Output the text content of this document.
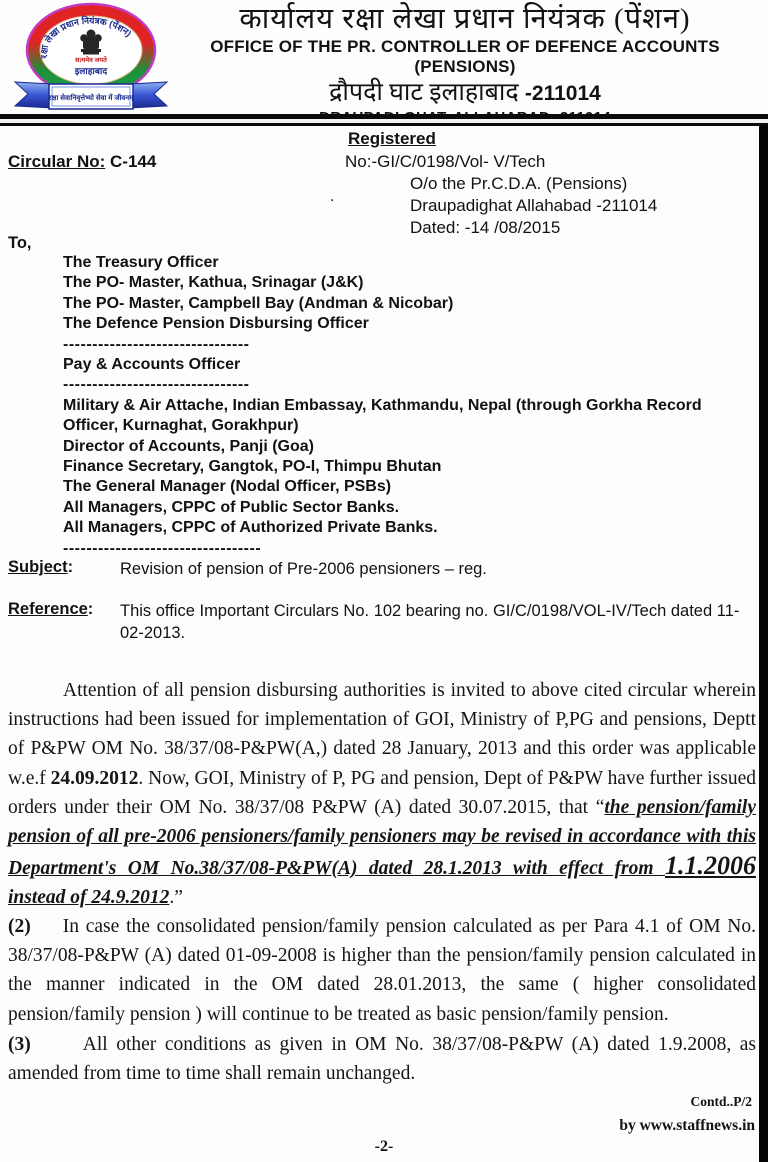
रक्षा लेखा प्रधान नियंत्रक (पेंशन)
सत्यमेव जयते
इलाहाबाद
रक्षा सेवानिवृत्तेभ्यो सेवा में जीवनम्
कार्यालय रक्षा लेखा प्रधान नियंत्रक (पेंशन)
OFFICE OF THE PR. CONTROLLER OF DEFENCE ACCOUNTS (PENSIONS)
द्रौपदी घाट इलाहाबाद -211014
Registered
Circular No: C-144	No:-GI/C/0198/Vol- V/Tech
O/o the Pr.C.D.A. (Pensions)
Draupadighat Allahabad -211014
Dated: -14 /08/2015
.
To,
The Treasury Officer
The PO- Master, Kathua, Srinagar (J&K)
The PO- Master, Campbell Bay (Andman & Nicobar)
The Defence Pension Disbursing Officer
--------------------------------
Pay & Accounts Officer
--------------------------------
Military & Air Attache, Indian Embassay, Kathmandu, Nepal (through Gorkha Record Officer, Kurnaghat, Gorakhpur)
Director of Accounts, Panji (Goa)
Finance Secretary, Gangtok, PO-I, Thimpu Bhutan
The General Manager (Nodal Officer, PSBs)
All Managers, CPPC of Public Sector Banks.
All Managers, CPPC of Authorized Private Banks.
----------------------------------
Subject:	Revision of pension of Pre-2006 pensioners – reg.
Reference: This office Important Circulars No. 102 bearing no. GI/C/0198/VOL-IV/Tech dated 11-02-2013.
Attention of all pension disbursing authorities is invited to above cited circular wherein instructions had been issued for implementation of GOI, Ministry of P,PG and pensions, Deptt of P&PW OM No. 38/37/08-P&PW(A,) dated 28 January, 2013 and this order was applicable w.e.f 24.09.2012. Now, GOI, Ministry of P, PG and pension, Dept of P&PW have further issued orders under their OM No. 38/37/08 P&PW (A) dated 30.07.2015, that “the pension/family pension of all pre-2006 pensioners/family pensioners may be revised in accordance with this Department's OM No.38/37/08-P&PW(A) dated 28.1.2013 with effect from 1.1.2006 instead of 24.9.2012.”
(2) In case the consolidated pension/family pension calculated as per Para 4.1 of OM No. 38/37/08-P&PW (A) dated 01-09-2008 is higher than the pension/family pension calculated in the manner indicated in the OM dated 28.01.2013, the same ( higher consolidated pension/family pension ) will continue to be treated as basic pension/family pension.
(3)	All other conditions as given in OM No. 38/37/08-P&PW (A) dated 1.9.2008, as amended from time to time shall remain unchanged.
Contd..P/2
by www.staffnews.in
-2-
